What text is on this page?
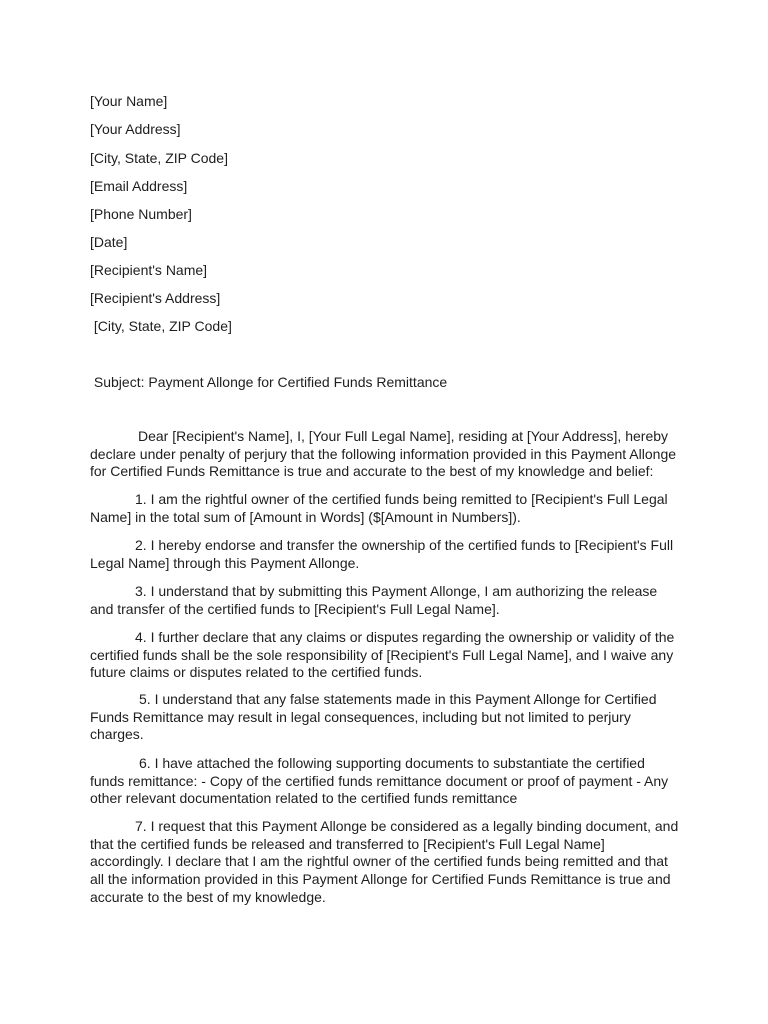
[Your Name]
[Your Address]
[City, State, ZIP Code]
[Email Address]
[Phone Number]
[Date]
[Recipient's Name]
[Recipient's Address]
[City, State, ZIP Code]
Subject: Payment Allonge for Certified Funds Remittance
Dear [Recipient's Name], I, [Your Full Legal Name], residing at [Your Address], hereby declare under penalty of perjury that the following information provided in this Payment Allonge for Certified Funds Remittance is true and accurate to the best of my knowledge and belief:
1. I am the rightful owner of the certified funds being remitted to [Recipient's Full Legal Name] in the total sum of [Amount in Words] ($[Amount in Numbers]).
2. I hereby endorse and transfer the ownership of the certified funds to [Recipient's Full Legal Name] through this Payment Allonge.
3. I understand that by submitting this Payment Allonge, I am authorizing the release and transfer of the certified funds to [Recipient's Full Legal Name].
4. I further declare that any claims or disputes regarding the ownership or validity of the certified funds shall be the sole responsibility of [Recipient's Full Legal Name], and I waive any future claims or disputes related to the certified funds.
5. I understand that any false statements made in this Payment Allonge for Certified Funds Remittance may result in legal consequences, including but not limited to perjury charges.
6. I have attached the following supporting documents to substantiate the certified funds remittance: - Copy of the certified funds remittance document or proof of payment - Any other relevant documentation related to the certified funds remittance
7. I request that this Payment Allonge be considered as a legally binding document, and that the certified funds be released and transferred to [Recipient's Full Legal Name] accordingly. I declare that I am the rightful owner of the certified funds being remitted and that all the information provided in this Payment Allonge for Certified Funds Remittance is true and accurate to the best of my knowledge.
